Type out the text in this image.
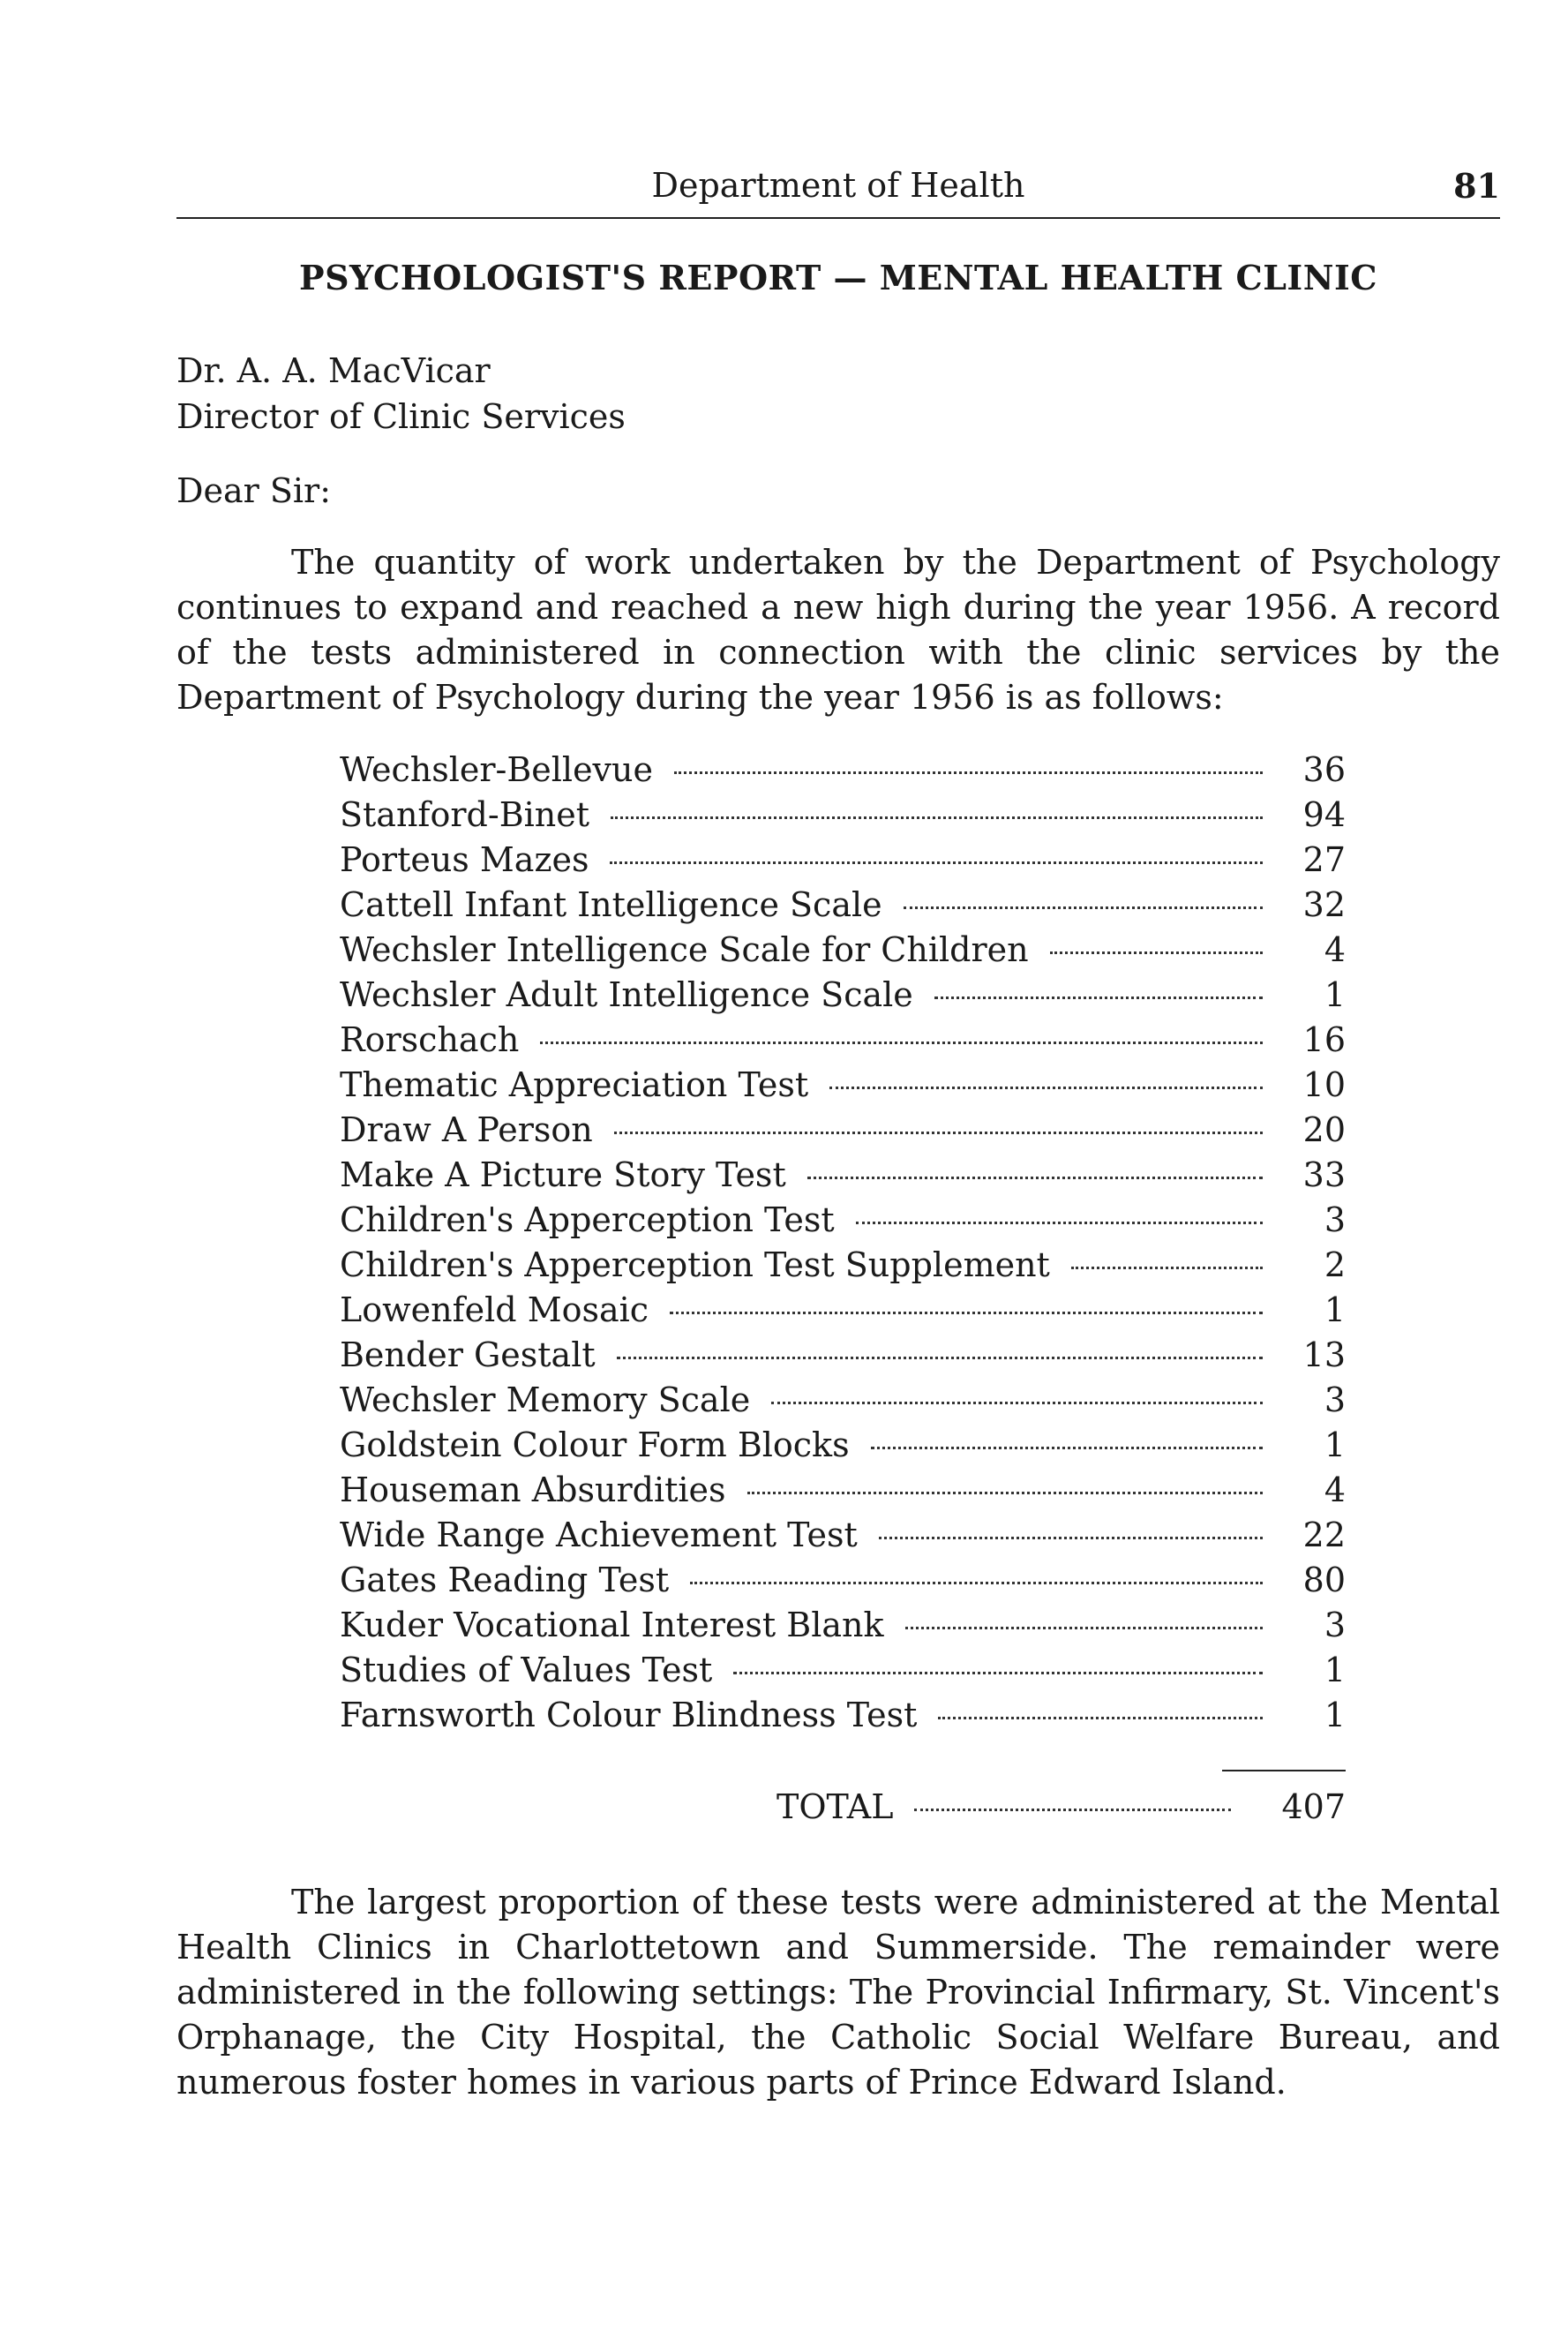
Department of Health	81
PSYCHOLOGIST'S REPORT — MENTAL HEALTH CLINIC
Dr. A. A. MacVicar
Director of Clinic Services
Dear Sir:

The quantity of work undertaken by the Department of Psychology continues to expand and reached a new high during the year 1956. A record of the tests administered in connection with the clinic services by the Department of Psychology during the year 1956 is as follows:

Wechsler-Bellevue	36
Stanford-Binet	94
Porteus Mazes	27
Cattell Infant Intelligence Scale	32
Wechsler Intelligence Scale for Children	4
Wechsler Adult Intelligence Scale	1
Rorschach	16
Thematic Appreciation Test	10
Draw A Person	20
Make A Picture Story Test	33
Children's Apperception Test	3
Children's Apperception Test Supplement	2
Lowenfeld Mosaic	1
Bender Gestalt	13
Wechsler Memory Scale	3
Goldstein Colour Form Blocks	1
Houseman Absurdities	4
Wide Range Achievement Test	22
Gates Reading Test	80
Kuder Vocational Interest Blank	3
Studies of Values Test	1
Farnsworth Colour Blindness Test	1
TOTAL	407

The largest proportion of these tests were administered at the Mental Health Clinics in Charlottetown and Summerside. The remainder were administered in the following settings: The Provincial Infirmary, St. Vincent's Orphanage, the City Hospital, the Catholic Social Welfare Bureau, and numerous foster homes in various parts of Prince Edward Island.
